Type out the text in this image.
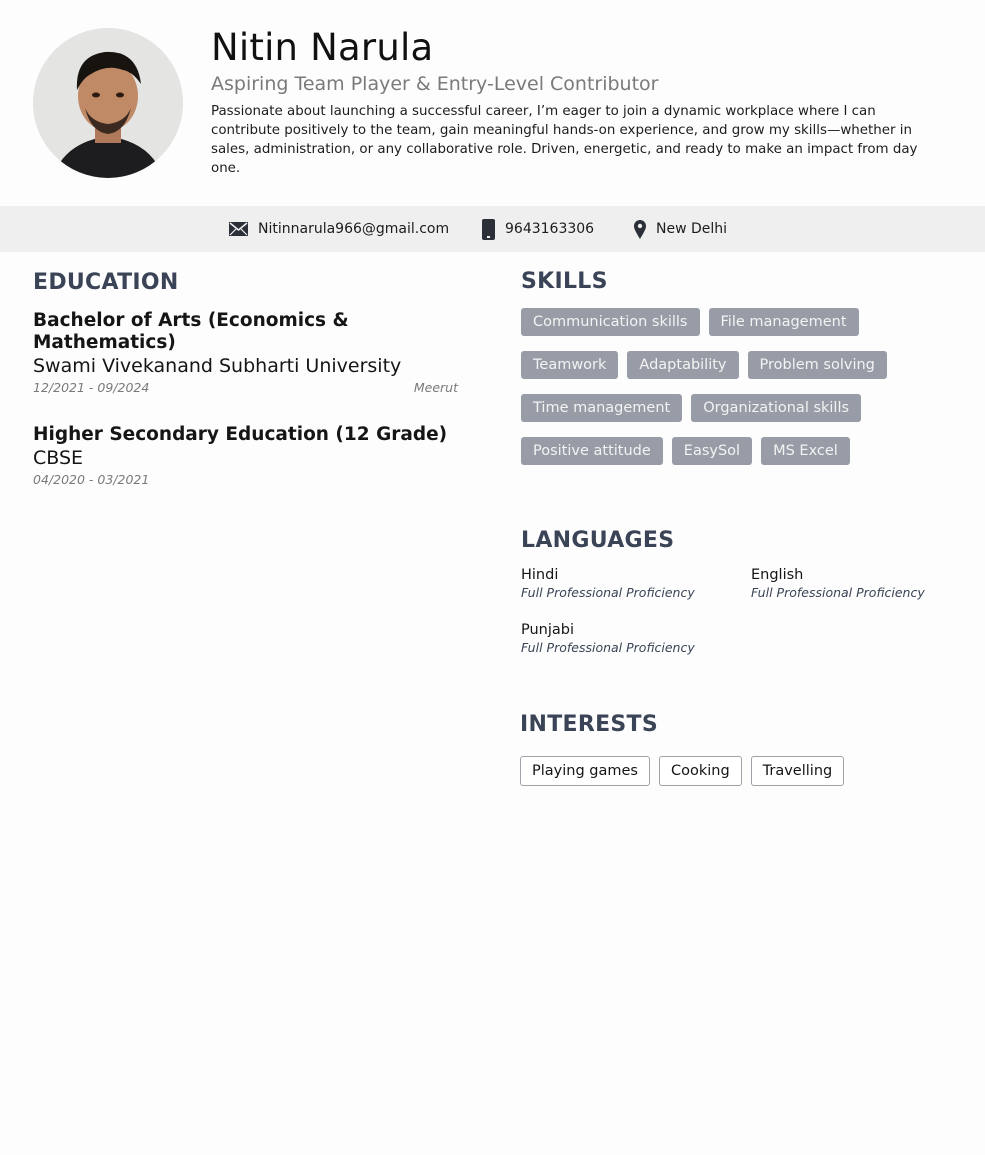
Nitin Narula

Aspiring Team Player & Entry-Level Contributor

Passionate about launching a successful career, I’m eager to join a dynamic workplace where I can contribute positively to the team, gain meaningful hands-on experience, and grow my skills—whether in sales, administration, or any collaborative role. Driven, energetic, and ready to make an impact from day one.

Nitinnarula966@gmail.com	9643163306	New Delhi
EDUCATION
Bachelor of Arts (Economics & Mathematics)
Swami Vivekanand Subharti University
12/2021 - 09/2024	Meerut
Higher Secondary Education (12 Grade)
CBSE
04/2020 - 03/2021
SKILLS
Communication skills	File management
Teamwork	Adaptability	Problem solving
Time management	Organizational skills
Positive attitude	EasySol	MS Excel
LANGUAGES
Hindi
Full Professional Proficiency
English
Full Professional Proficiency
Punjabi
Full Professional Proficiency
INTERESTS
Playing games	Cooking	Travelling
